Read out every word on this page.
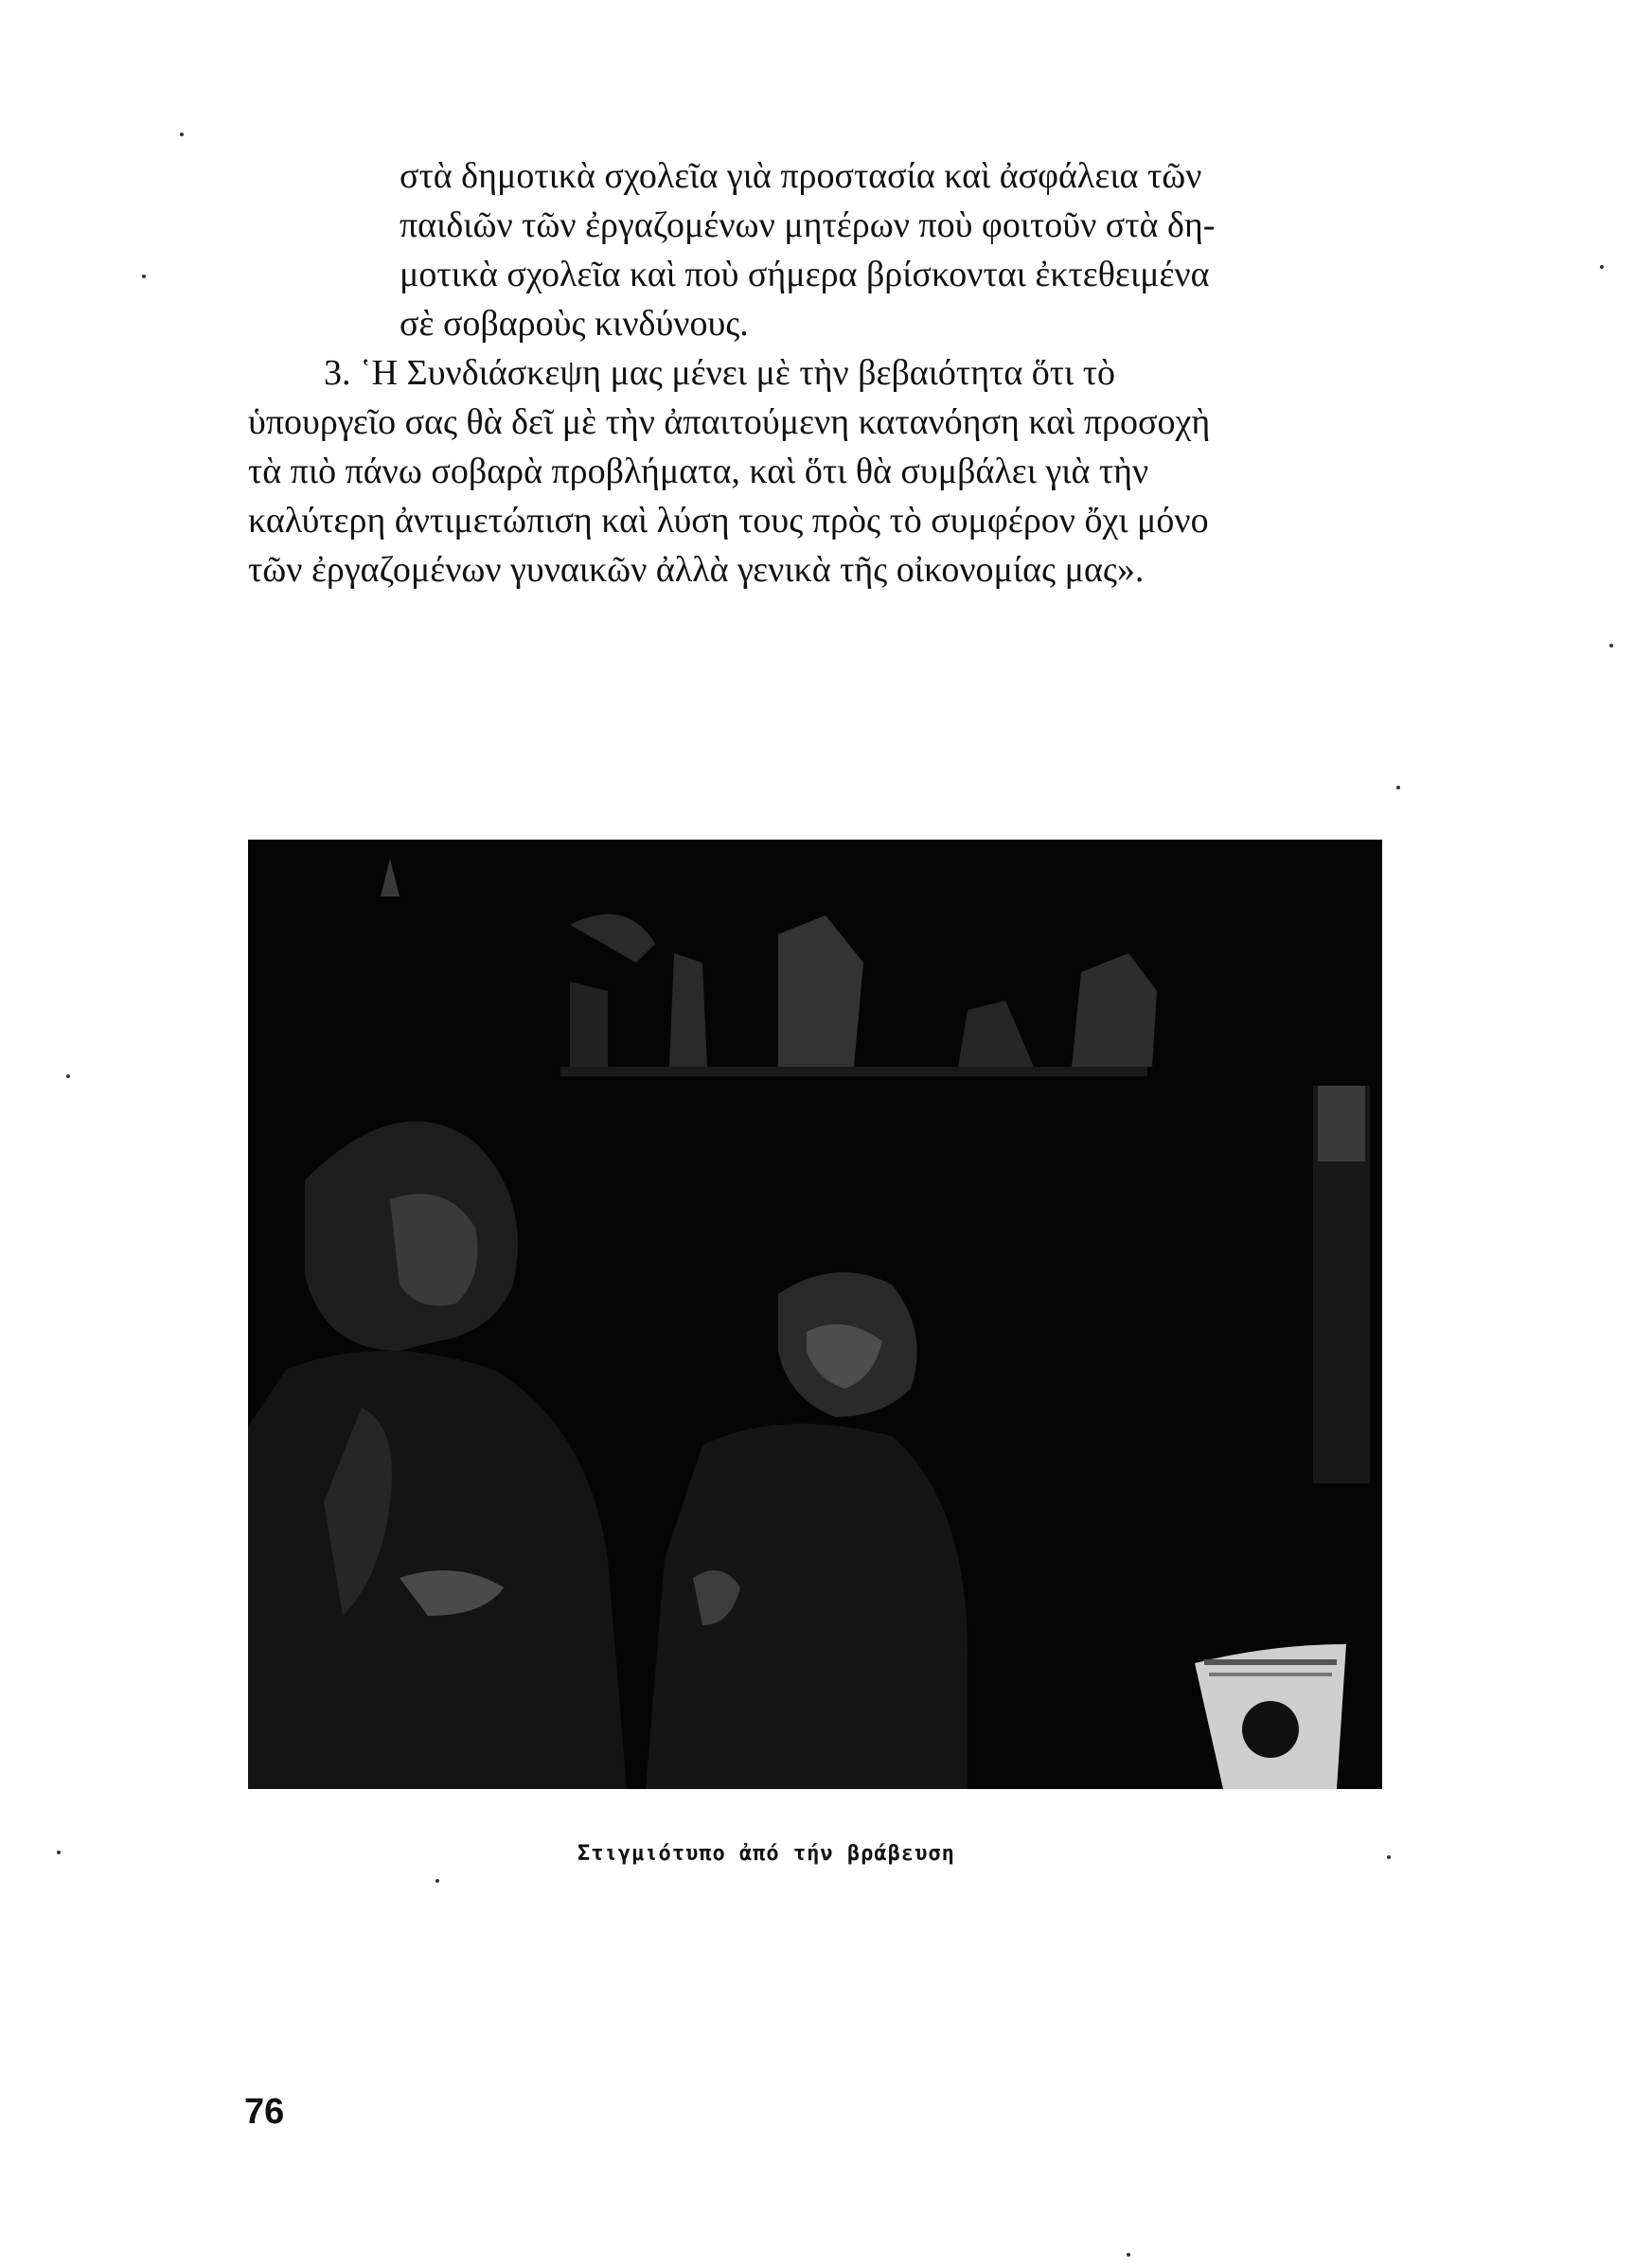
στὰ δημοτικὰ σχολεῖα γιὰ προστασία καὶ ἀσφάλεια τῶν
παιδιῶν τῶν ἐργαζομένων μητέρων ποὺ φοιτοῦν στὰ δη-
μοτικὰ σχολεῖα καὶ ποὺ σήμερα βρίσκονται ἐκτεθειμένα
σὲ σοβαροὺς κινδύνους.
3. ῾Η Συνδιάσκεψη μας μένει μὲ τὴν βεβαιότητα ὅτι τὸ
ὑπουργεῖο σας θὰ δεῖ μὲ τὴν ἀπαιτούμενη κατανόηση καὶ προσοχὴ
τὰ πιὸ πάνω σοβαρὰ προβλήματα, καὶ ὅτι θὰ συμβάλει γιὰ τὴν
καλύτερη ἀντιμετώπιση καὶ λύση τους πρὸς τὸ συμφέρον ὄχι μόνο
τῶν ἐργαζομένων γυναικῶν ἀλλὰ γενικὰ τῆς οἰκονομίας μας».
Στιγμιότυπο ἀπό τήν βράβευση
76
